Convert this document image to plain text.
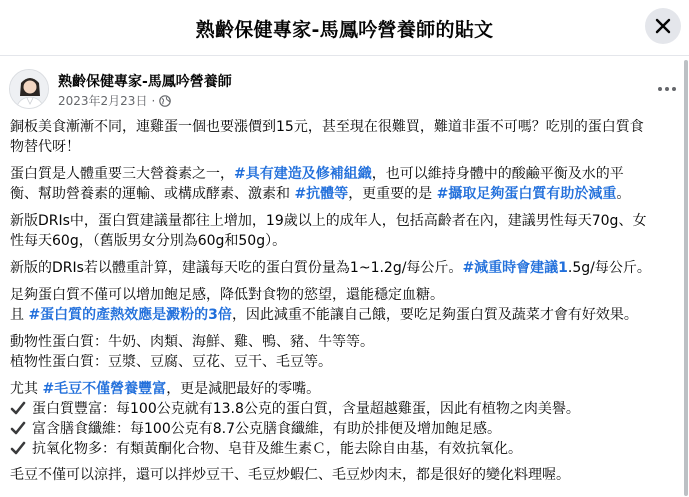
熟齡保健專家-馬鳳吟營養師的貼文
熟齡保健專家-馬鳳吟營養師
2023年2月23日 ·
銅板美食漸漸不同，連雞蛋一個也要漲價到15元，甚至現在很難買，難道非蛋不可嗎？吃別的蛋白質食
物替代呀！
蛋白質是人體重要三大營養素之一，#具有建造及修補組織，也可以維持身體中的酸鹼平衡及水的平
衡、幫助營養素的運輸、或構成酵素、激素和 #抗體等，更重要的是 #攝取足夠蛋白質有助於減重。
新版DRIs中，蛋白質建議量都往上增加，19歲以上的成年人，包括高齡者在內，建議男性每天70g、女
性每天60g，（舊版男女分別為60g和50g）。
新版的DRIs若以體重計算，建議每天吃的蛋白質份量為1~1.2g/每公斤。#減重時會建議1.5g/每公斤。
足夠蛋白質不僅可以增加飽足感，降低對食物的慾望，還能穩定血糖。
且 #蛋白質的產熱效應是澱粉的3倍，因此減重不能讓自己餓，要吃足夠蛋白質及蔬菜才會有好效果。
動物性蛋白質：牛奶、肉類、海鮮、雞、鴨、豬、牛等等。
植物性蛋白質：豆漿、豆腐、豆花、豆干、毛豆等。
尤其 #毛豆不僅營養豐富，更是減肥最好的零嘴。
蛋白質豐富：每100公克就有13.8公克的蛋白質，含量超越雞蛋，因此有植物之肉美譽。
富含膳食纖維：每100公克有8.7公克膳食纖維，有助於排便及增加飽足感。
抗氧化物多：有類黃酮化合物、皂苷及維生素Ｃ，能去除自由基，有效抗氧化。
毛豆不僅可以涼拌，還可以拌炒豆干、毛豆炒蝦仁、毛豆炒肉末，都是很好的變化料理喔。
